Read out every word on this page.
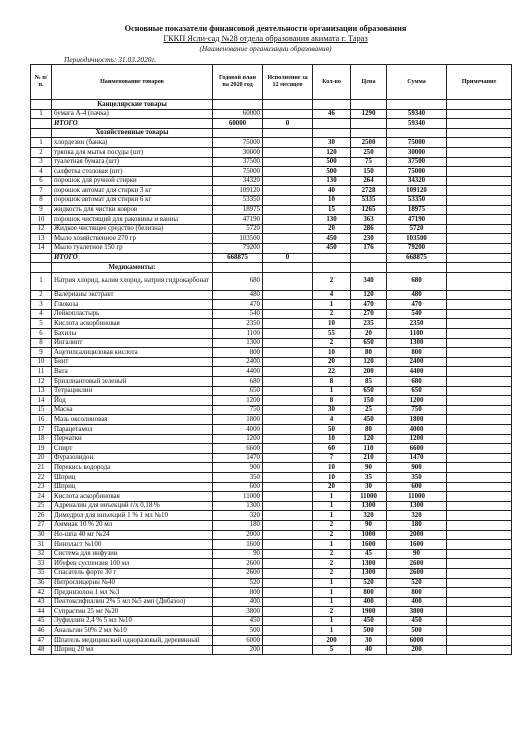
Основные показатели финансовой деятельности организации образования
ГККП Ясли-сад №28 отдела образования акимата г. Тараз
(Наименование организации образования)
Периодичность: 31.03.2020г.
№ п/п.	Наименование товаров	Годовой план на 2020 год	Исполнение за 12 месяцев	Кол-во	Цена	Сумма	Примечание
	Канцелярские товары						
1	бумага А-4 (пачка)	60000		46	1290	59340	
	ИТОГО	60000	0			59340	
	Хозяйственные товары						
1	хлордезин (банка)	75000		30	2500	75000	
2	тряпка для мытья посуды (шт)	30000		120	250	30000	
3	туалетная бумага (шт)	37500		500	75	37500	
4	салфетка столовая (шт)	75000		500	150	75000	
6	порошок для ручной стирки	34320		130	264	34320	
7	порошок автомат для стирки 3 кг	109120		40	2728	109120	
8	порошок автомат для стирки 6 кг	53350		10	5335	53350	
9	жидкость для чистки ковров	18975		15	1265	18975	
10	порошок чистящий для раковины и ванны	47190		130	363	47190	
12	Жидкое чистящее средство (белизна)	5720		20	286	5720	
13	Мыло хозяйственное 270 гр	103500		450	230	103500	
14	Мыло туалетное 150 гр	79200		450	176	79200	
	ИТОГО	668875	0			668875	
	Медикаменты:						
1	Натрия хлорид, калия хлорид, натрия гидрокарбонат	680		2	340	680	
2	Валерианы экстракт	480		4	120	480	
3	Глюкоза	470		1	470	470	
4	Лейкопластырь	540		2	270	540	
5	Кислота аскорбиновая	2350		10	235	2350	
6	Бахилы	1100		55	20	1100	
8	Ингалипт	1300		2	650	1300	
9	Ацетилсалициловая кислота	800		10	80	800	
10	Бинт	2400		20	120	2400	
11	Вата	4400		22	200	4400	
12	Бриллиантовый зеленый	680		8	85	680	
13	Тетрациклин	650		1	650	650	
14	Йод	1200		8	150	1200	
15	Маска	750		30	25	750	
16	Мазь оксолиновая	1800		4	450	1800	
17	Парацетамол	4000		50	80	4000	
18	Перчатки	1200		10	120	1200	
19	Спирт	6600		60	110	6600	
20	Фуразолидон	1470		7	210	1470	
21	Перекись водорода	900		10	90	900	
22	Шприц	350		10	35	350	
23	Шприц	600		20	30	600	
24	Кислота аскорбиновая	11000		1	11000	11000	
25	Адреналин для инъекций г/х 0,18 %	1300		1	1300	1300	
26	Димедрол для инъекций 1 % 1 мл №10	320		1	320	320	
27	Аммиак 10 % 20 мл	180		2	90	180	
30	Но-шпа 40 мг №24	2000		2	1000	2000	
31	Ниипласт №100	1600		1	1600	1600	
32	Система для инфузии	90		2	45	90	
33	Ибуфен суспензия 100 мл	2600		2	1300	2600	
35	Спасатель форте 30 г	2600		2	1300	2600	
36	Нитроглицерин №40	520		1	520	520	
42	Преднизолон 1 мл №3	800		1	800	800	
43	Пентоксифиллин 2% 5 мл №5 амп (Дибазол)	400		1	400	400	
44	Супрастин 25 мг №20	3800		2	1900	3800	
45	Эуфиллин 2,4 % 5 мл №10	450		1	450	450	
46	Анальгин 50% 2 мл №10	500		1	500	500	
47	Шпатель медицинский одноразовый, деревянный	6000		200	30	6000	
48	Шприц 20 мл	200		5	40	200	
